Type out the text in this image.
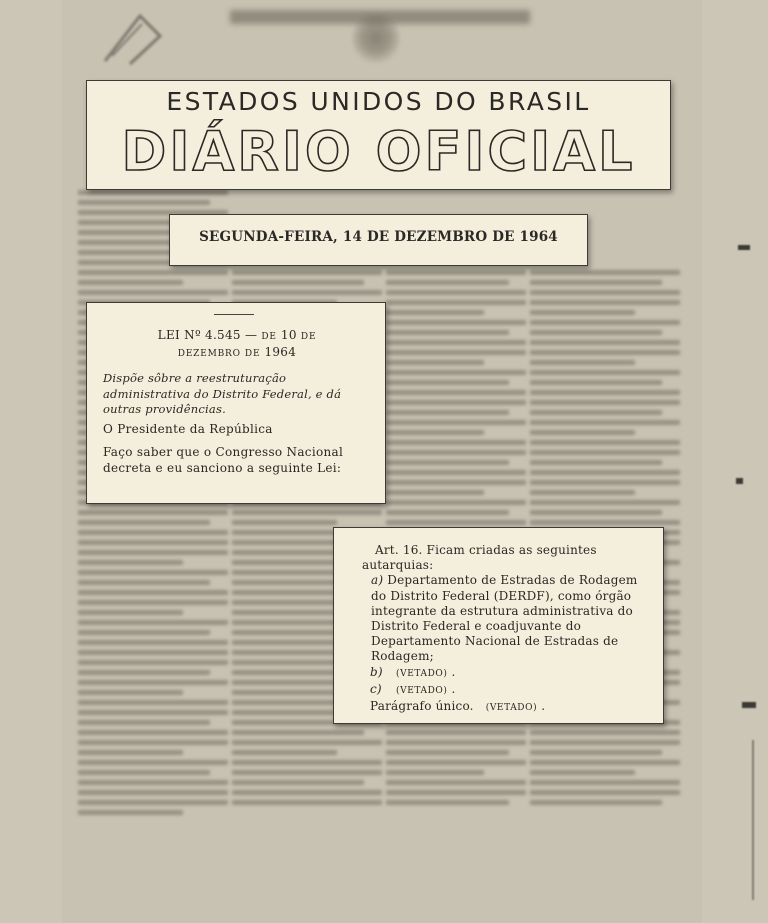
ESTADOS UNIDOS DO BRASIL
DIÁRIO OFICIAL
SEGUNDA-FEIRA, 14 DE DEZEMBRO DE 1964
LEI Nº 4.545 — DE 10 DE
DEZEMBRO DE 1964
Dispõe sôbre a reestruturação administrativa do Distrito Federal, e dá outras providências.
O Presidente da República
Faço saber que o Congresso Nacional decreta e eu sanciono a seguinte Lei:
Art. 16. Ficam criadas as seguintes autarquias:
a) Departamento de Estradas de Rodagem do Distrito Federal (DERDF), como órgão integrante da estrutura administrativa do Distrito Federal e coadjuvante do Departamento Nacional de Estradas de Rodagem;
b) (VETADO) .
c) (VETADO) .
Parágrafo único. (VETADO) .
